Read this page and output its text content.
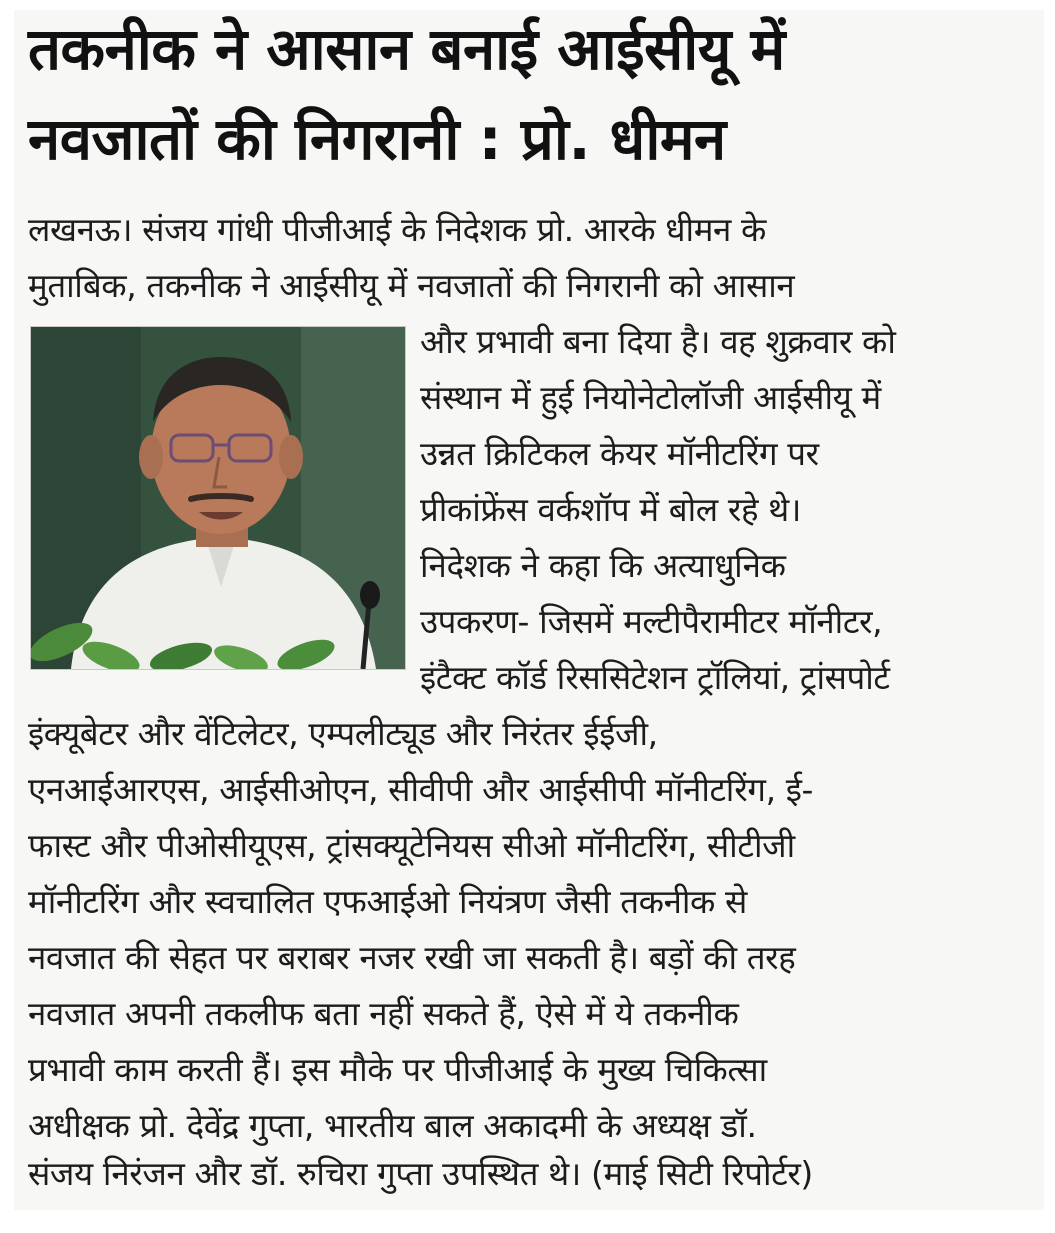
तकनीक ने आसान बनाई आईसीयू में
नवजातों की निगरानी : प्रो. धीमन

लखनऊ। संजय गांधी पीजीआई के निदेशक प्रो. आरके धीमन के

मुताबिक, तकनीक ने आईसीयू में नवजातों की निगरानी को आसान

और प्रभावी बना दिया है। वह शुक्रवार को

संस्थान में हुई नियोनेटोलॉजी आईसीयू में

उन्नत क्रिटिकल केयर मॉनीटरिंग पर

प्रीकांफ्रेंस वर्कशॉप में बोल रहे थे।

निदेशक ने कहा कि अत्याधुनिक

उपकरण- जिसमें मल्टीपैरामीटर मॉनीटर,

इंटैक्ट कॉर्ड रिससिटेशन ट्रॉलियां, ट्रांसपोर्ट

इंक्यूबेटर और वेंटिलेटर, एम्पलीट्यूड और निरंतर ईईजी,

एनआईआरएस, आईसीओएन, सीवीपी और आईसीपी मॉनीटरिंग, ई-

फास्ट और पीओसीयूएस, ट्रांसक्यूटेनियस सीओ मॉनीटरिंग, सीटीजी

मॉनीटरिंग और स्वचालित एफआईओ नियंत्रण जैसी तकनीक से

नवजात की सेहत पर बराबर नजर रखी जा सकती है। बड़ों की तरह

नवजात अपनी तकलीफ बता नहीं सकते हैं, ऐसे में ये तकनीक

प्रभावी काम करती हैं। इस मौके पर पीजीआई के मुख्य चिकित्सा

अधीक्षक प्रो. देवेंद्र गुप्ता, भारतीय बाल अकादमी के अध्यक्ष डॉ.

संजय निरंजन और डॉ. रुचिरा गुप्ता उपस्थित थे। (माई सिटी रिपोर्टर)
